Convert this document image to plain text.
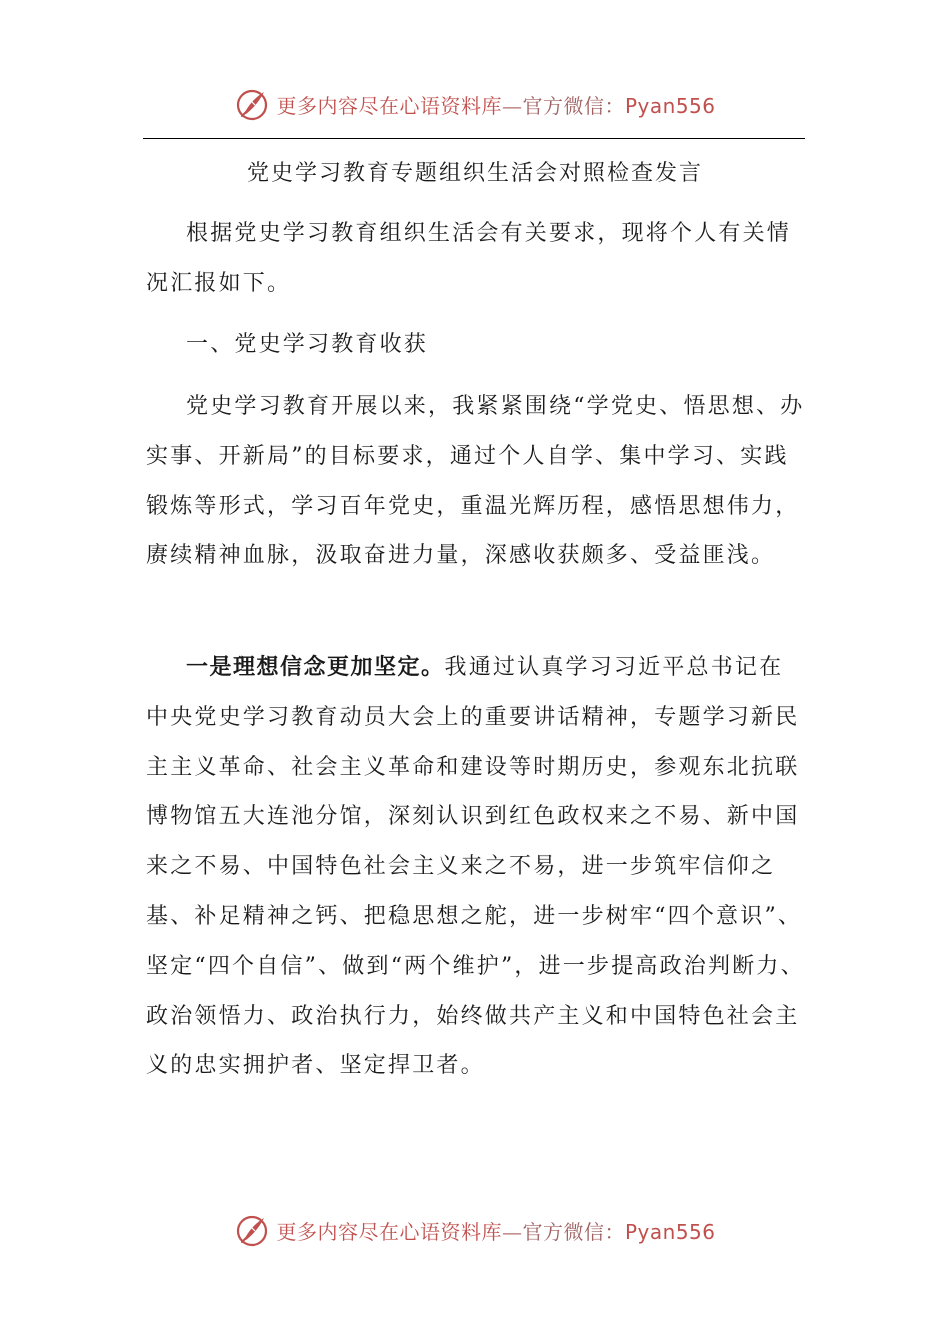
更多内容尽在心语资料库—官方微信：Pyan556
党史学习教育专题组织生活会对照检查发言

根据党史学习教育组织生活会有关要求，现将个人有关情况汇报如下。

一、党史学习教育收获

党史学习教育开展以来，我紧紧围绕“学党史、悟思想、办实事、开新局”的目标要求，通过个人自学、集中学习、实践锻炼等形式，学习百年党史，重温光辉历程，感悟思想伟力，赓续精神血脉，汲取奋进力量，深感收获颇多、受益匪浅。

一是理想信念更加坚定。我通过认真学习习近平总书记在中央党史学习教育动员大会上的重要讲话精神，专题学习新民主主义革命、社会主义革命和建设等时期历史，参观东北抗联博物馆五大连池分馆，深刻认识到红色政权来之不易、新中国来之不易、中国特色社会主义来之不易，进一步筑牢信仰之基、补足精神之钙、把稳思想之舵，进一步树牢“四个意识”、坚定“四个自信”、做到“两个维护”，进一步提高政治判断力、政治领悟力、政治执行力，始终做共产主义和中国特色社会主义的忠实拥护者、坚定捍卫者。

更多内容尽在心语资料库—官方微信：Pyan556
